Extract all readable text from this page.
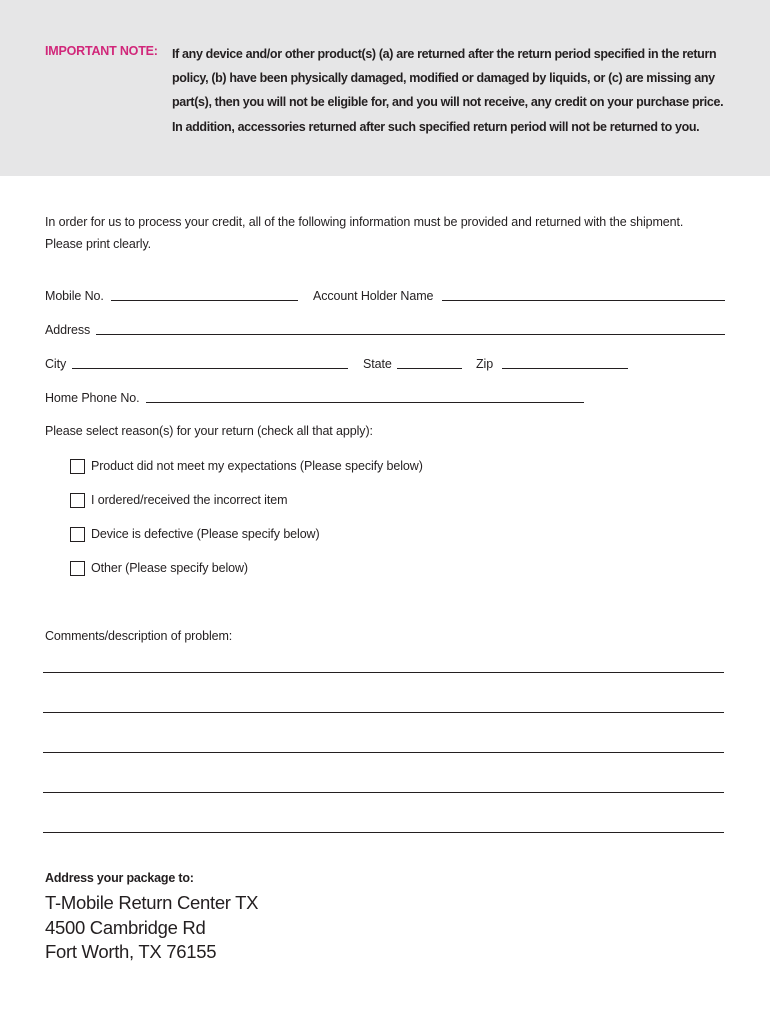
IMPORTANT NOTE: If any device and/or other product(s) (a) are returned after the return period specified in the return policy, (b) have been physically damaged, modified or damaged by liquids, or (c) are missing any part(s), then you will not be eligible for, and you will not receive, any credit on your purchase price. In addition, accessories returned after such specified return period will not be returned to you.
In order for us to process your credit, all of the following information must be provided and returned with the shipment.
Please print clearly.
Mobile No.	Account Holder Name
Address
City	State	Zip
Home Phone No.
Please select reason(s) for your return (check all that apply):
Product did not meet my expectations (Please specify below)
I ordered/received the incorrect item
Device is defective (Please specify below)
Other (Please specify below)
Comments/description of problem:
Address your package to:
T-Mobile Return Center TX
4500 Cambridge Rd
Fort Worth, TX 76155
